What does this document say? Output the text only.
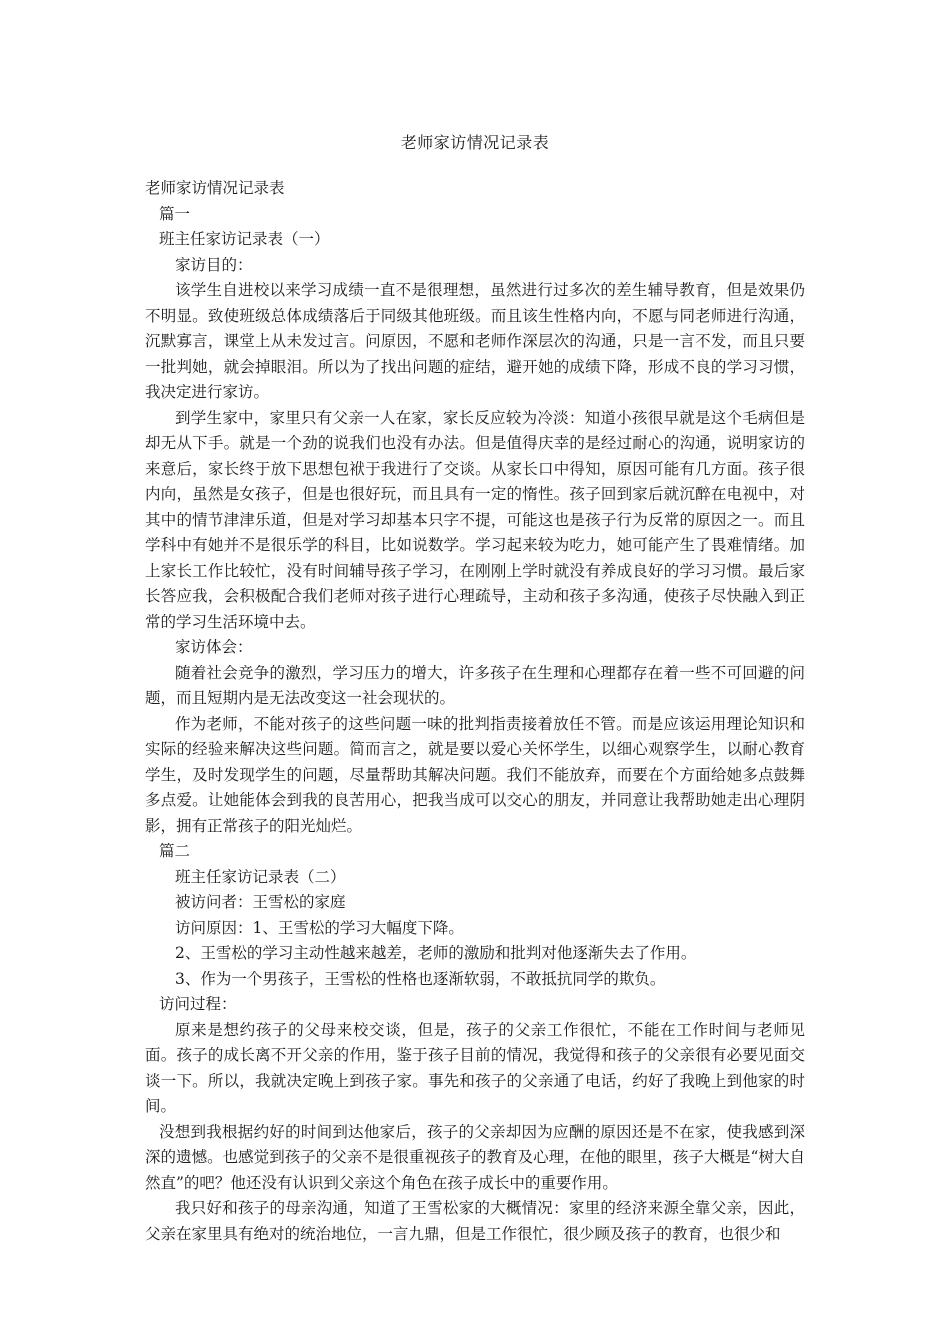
老师家访情况记录表

老师家访情况记录表

篇一

班主任家访记录表（一）

家访目的：

该学生自进校以来学习成绩一直不是很理想，虽然进行过多次的差生辅导教育，但是效果仍不明显。致使班级总体成绩落后于同级其他班级。而且该生性格内向，不愿与同老师进行沟通，沉默寡言，课堂上从未发过言。问原因，不愿和老师作深层次的沟通，只是一言不发，而且只要一批判她，就会掉眼泪。所以为了找出问题的症结，避开她的成绩下降，形成不良的学习习惯，我决定进行家访。

到学生家中，家里只有父亲一人在家，家长反应较为冷淡：知道小孩很早就是这个毛病但是却无从下手。就是一个劲的说我们也没有办法。但是值得庆幸的是经过耐心的沟通，说明家访的来意后，家长终于放下思想包袱于我进行了交谈。从家长口中得知，原因可能有几方面。孩子很内向，虽然是女孩子，但是也很好玩，而且具有一定的惰性。孩子回到家后就沉醉在电视中，对其中的情节津津乐道，但是对学习却基本只字不提，可能这也是孩子行为反常的原因之一。而且学科中有她并不是很乐学的科目，比如说数学。学习起来较为吃力，她可能产生了畏难情绪。加上家长工作比较忙，没有时间辅导孩子学习，在刚刚上学时就没有养成良好的学习习惯。最后家长答应我，会积极配合我们老师对孩子进行心理疏导，主动和孩子多沟通，使孩子尽快融入到正常的学习生活环境中去。

家访体会：

随着社会竞争的激烈，学习压力的增大，许多孩子在生理和心理都存在着一些不可回避的问题，而且短期内是无法改变这一社会现状的。

作为老师，不能对孩子的这些问题一味的批判指责接着放任不管。而是应该运用理论知识和实际的经验来解决这些问题。简而言之，就是要以爱心关怀学生，以细心观察学生，以耐心教育学生，及时发现学生的问题，尽量帮助其解决问题。我们不能放弃，而要在个方面给她多点鼓舞多点爱。让她能体会到我的良苦用心，把我当成可以交心的朋友，并同意让我帮助她走出心理阴影，拥有正常孩子的阳光灿烂。

篇二

班主任家访记录表（二）

被访问者：王雪松的家庭

访问原因：1、王雪松的学习大幅度下降。

2、王雪松的学习主动性越来越差，老师的激励和批判对他逐渐失去了作用。

3、作为一个男孩子，王雪松的性格也逐渐软弱，不敢抵抗同学的欺负。

访问过程：

原来是想约孩子的父母来校交谈，但是，孩子的父亲工作很忙，不能在工作时间与老师见面。孩子的成长离不开父亲的作用，鉴于孩子目前的情况，我觉得和孩子的父亲很有必要见面交谈一下。所以，我就决定晚上到孩子家。事先和孩子的父亲通了电话，约好了我晚上到他家的时间。

没想到我根据约好的时间到达他家后，孩子的父亲却因为应酬的原因还是不在家，使我感到深深的遗憾。也感觉到孩子的父亲不是很重视孩子的教育及心理，在他的眼里，孩子大概是“树大自然直”的吧？他还没有认识到父亲这个角色在孩子成长中的重要作用。

我只好和孩子的母亲沟通，知道了王雪松家的大概情况：家里的经济来源全靠父亲，因此，父亲在家里具有绝对的统治地位，一言九鼎，但是工作很忙，很少顾及孩子的教育，也很少和
